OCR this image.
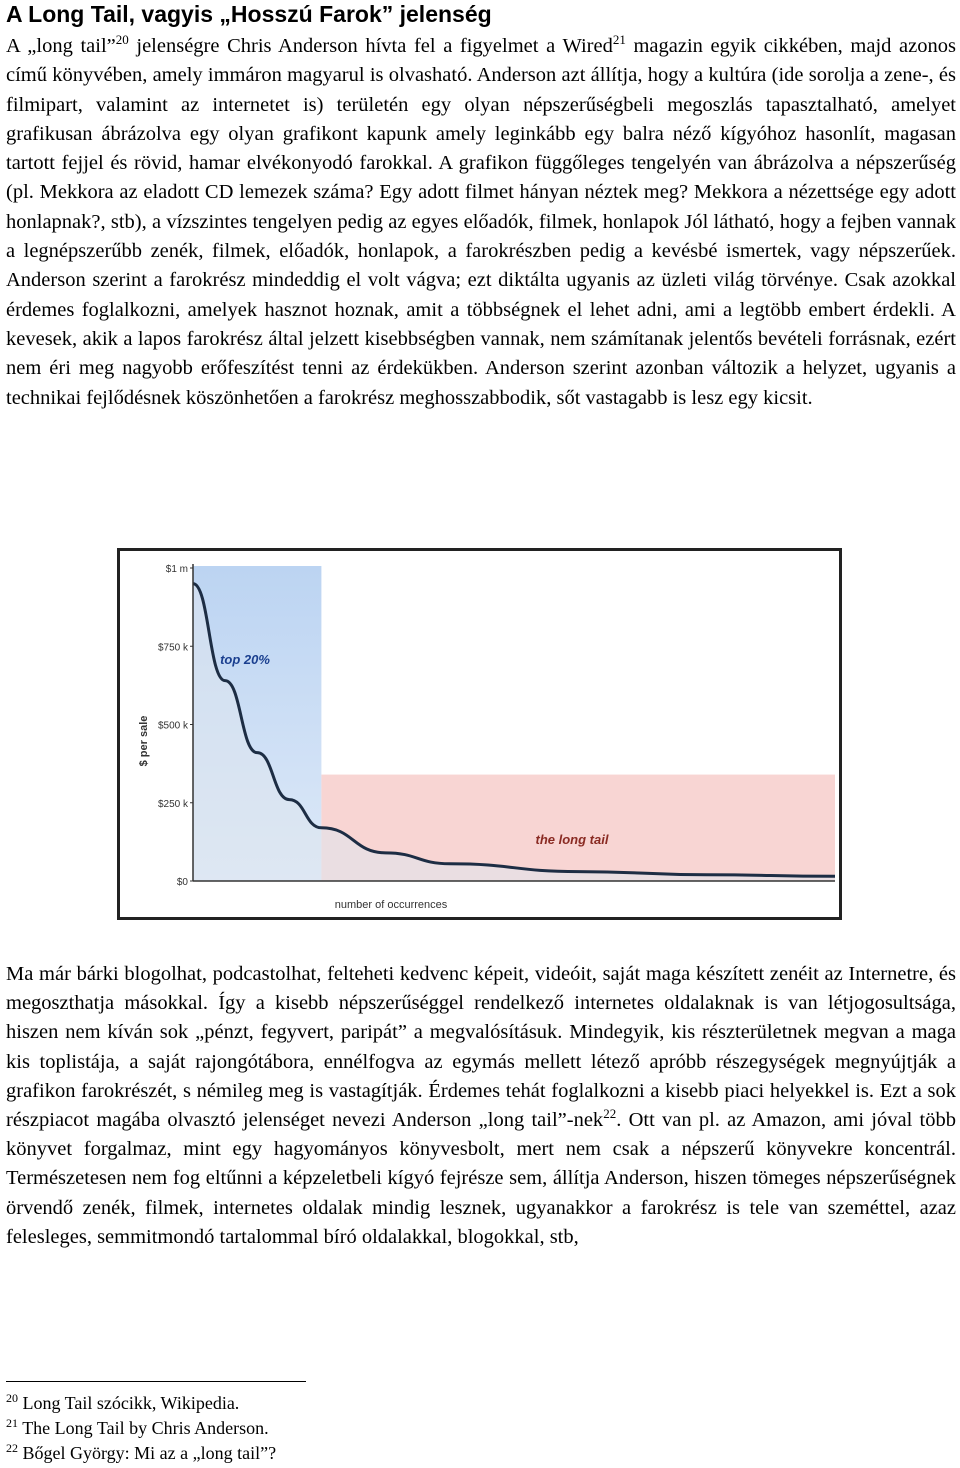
A Long Tail, vagyis „Hosszú Farok” jelenség

A „long tail”$^{20}$ jelenségre Chris Anderson hívta fel a figyelmet a Wired$^{21}$ magazin egyik cikkében, majd azonos című könyvében, amely immáron magyarul is olvasható. Anderson azt állítja, hogy a kultúra (ide sorolja a zene-, és filmipart, valamint az internetet is) területén egy olyan népszerűségbeli megoszlás tapasztalható, amelyet grafikusan ábrázolva egy olyan grafikont kapunk amely leginkább egy balra néző kígyóhoz hasonlít, magasan tartott fejjel és rövid, hamar elvékonyodó farokkal. A grafikon függőleges tengelyén van ábrázolva a népszerűség (pl. Mekkora az eladott CD lemezek száma? Egy adott filmet hányan néztek meg? Mekkora a nézettsége egy adott honlapnak?, stb), a vízszintes tengelyen pedig az egyes előadók, filmek, honlapok Jól látható, hogy a fejben vannak a legnépszerűbb zenék, filmek, előadók, honlapok, a farokrészben pedig a kevésbé ismertek, vagy népszerűek. Anderson szerint a farokrész mindeddig el volt vágva; ezt diktálta ugyanis az üzleti világ törvénye. Csak azokkal érdemes foglalkozni, amelyek hasznot hoznak, amit a többségnek el lehet adni, ami a legtöbb embert érdekli. A kevesek, akik a lapos farokrész által jelzett kisebbségben vannak, nem számítanak jelentős bevételi forrásnak, ezért nem éri meg nagyobb erőfeszítést tenni az érdekükben. Anderson szerint azonban változik a helyzet, ugyanis a technikai fejlődésnek köszönhetően a farokrész meghosszabbodik, sőt vastagabb is lesz egy kicsit.

$1 m
$750 k
$500 k
$250 k
$0
$ per sale
number of occurrences
top 20%
the long tail

Ma már bárki blogolhat, podcastolhat, felteheti kedvenc képeit, videóit, saját maga készített zenéit az Internetre, és megoszthatja másokkal. Így a kisebb népszerűséggel rendelkező internetes oldalaknak is van létjogosultsága, hiszen nem kíván sok „pénzt, fegyvert, paripát” a megvalósításuk. Mindegyik, kis részterületnek megvan a maga kis toplistája, a saját rajongótábora, ennélfogva az egymás mellett létező apróbb részegységek megnyújtják a grafikon farokrészét, s némileg meg is vastagítják. Érdemes tehát foglalkozni a kisebb piaci helyekkel is. Ezt a sok részpiacot magába olvasztó jelenséget nevezi Anderson „long tail”-nek$^{22}$. Ott van pl. az Amazon, ami jóval több könyvet forgalmaz, mint egy hagyományos könyvesbolt, mert nem csak a népszerű könyvekre koncentrál. Természetesen nem fog eltűnni a képzeletbeli kígyó fejrésze sem, állítja Anderson, hiszen tömeges népszerűségnek örvendő zenék, filmek, internetes oldalak mindig lesznek, ugyanakkor a farokrész is tele van szeméttel, azaz felesleges, semmitmondó tartalommal bíró oldalakkal, blogokkal, stb,

$^{20}$ Long Tail szócikk, Wikipedia.

$^{21}$ The Long Tail by Chris Anderson.

$^{22}$ Bőgel György: Mi az a „long tail”?
